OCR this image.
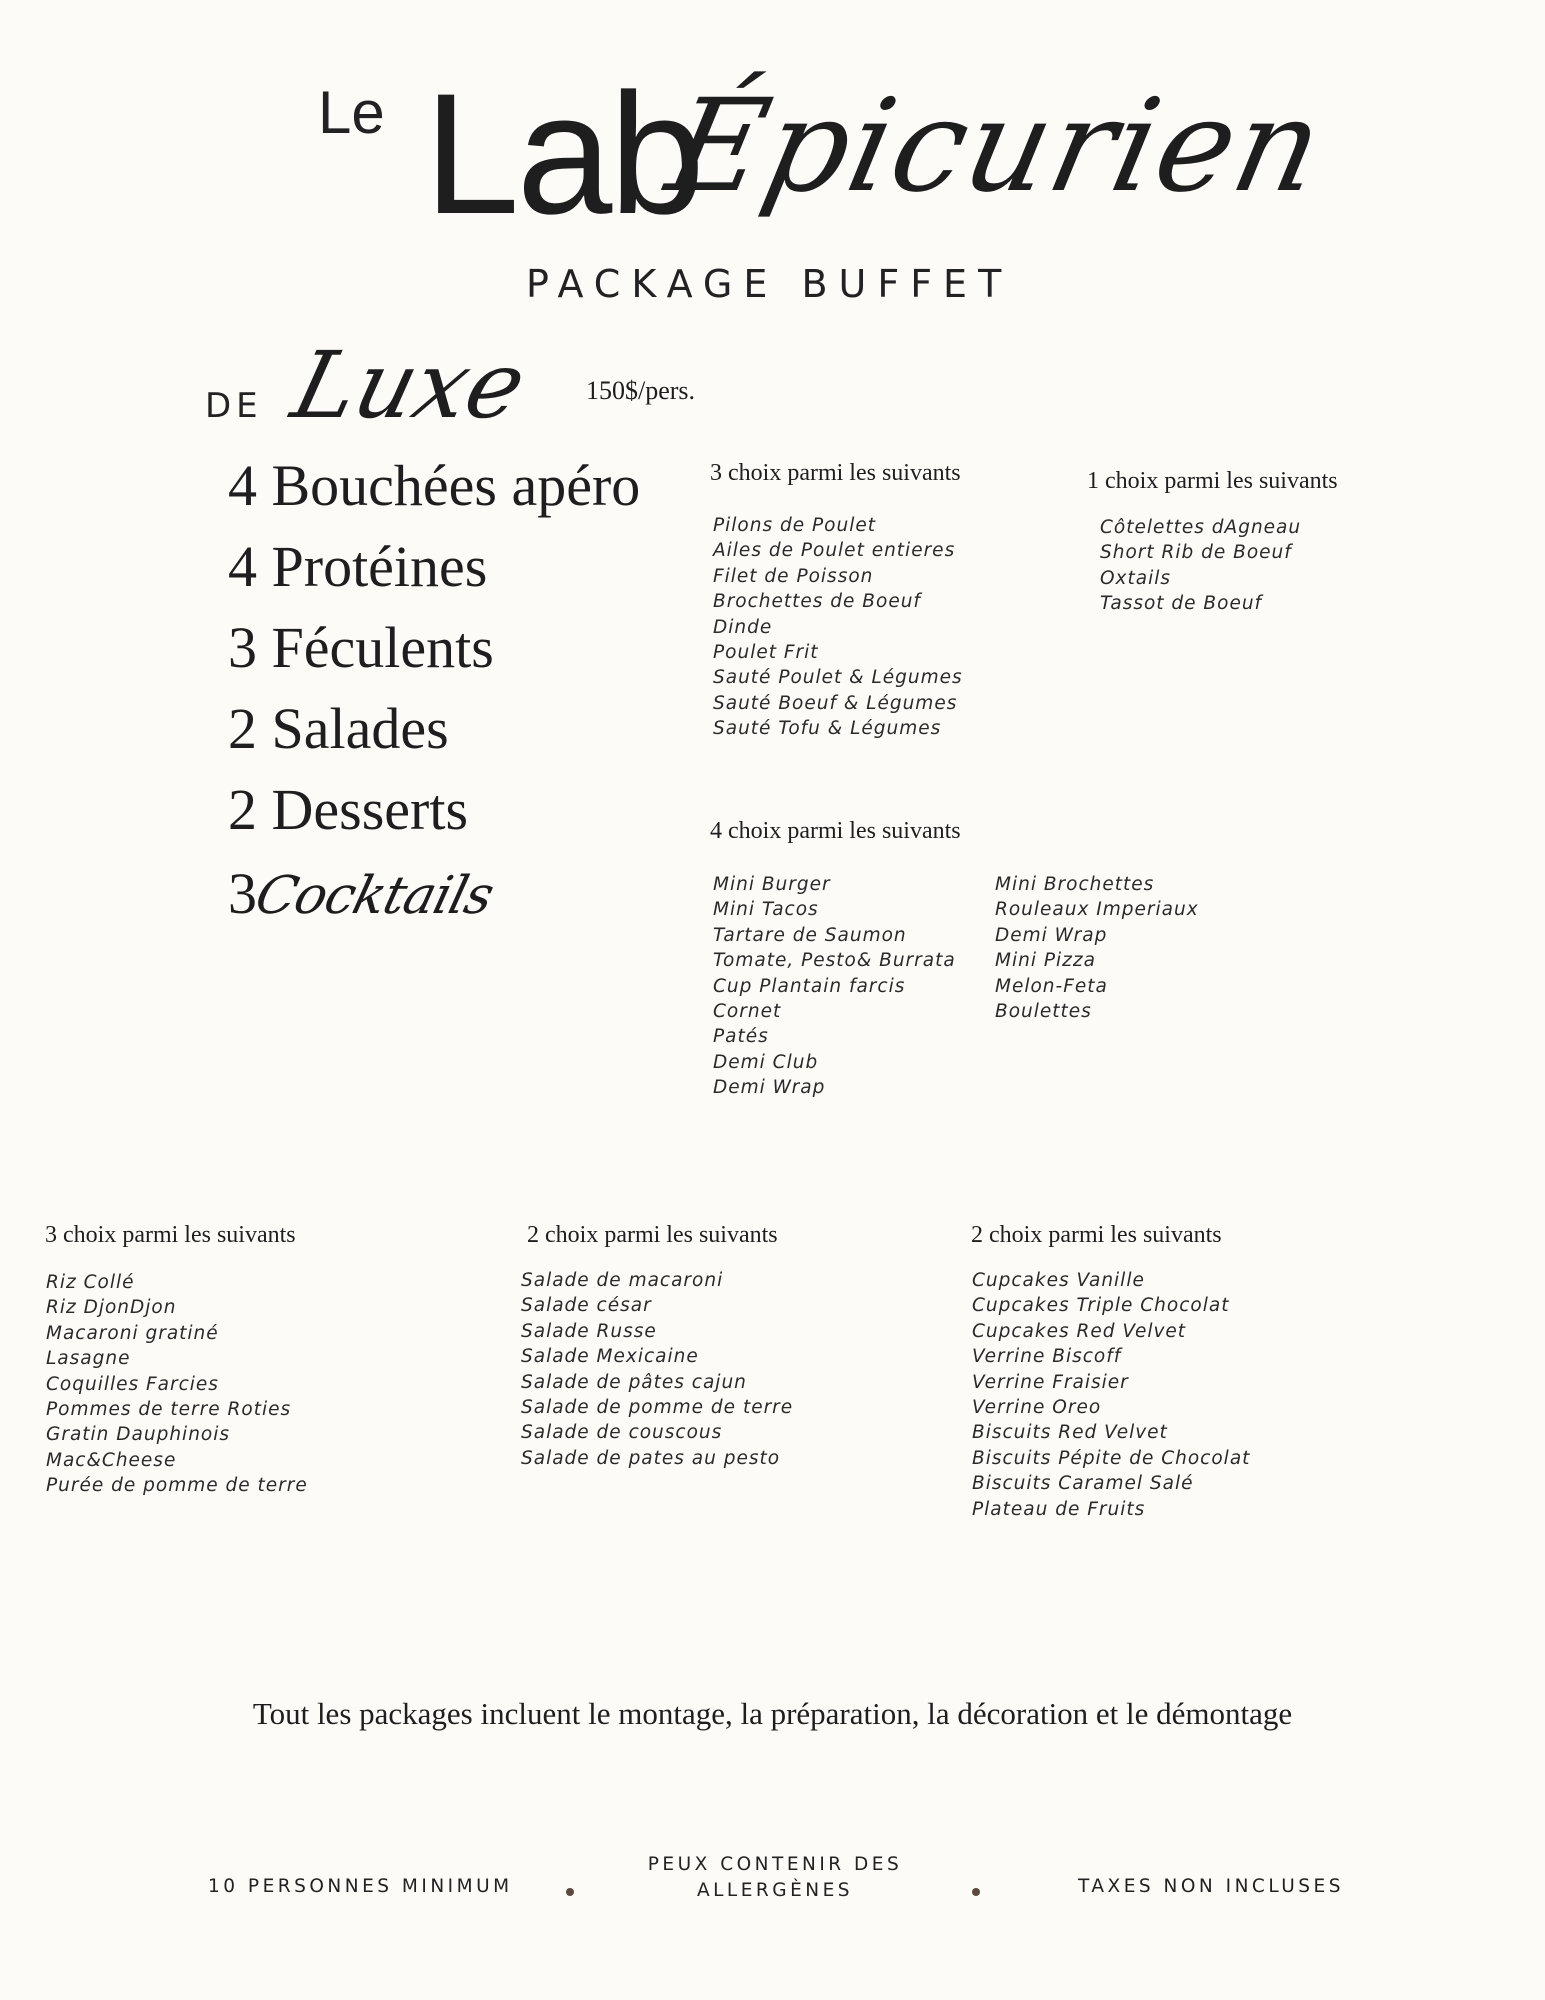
Le Lab
Épicurien
PACKAGE BUFFET
DE Luxe 150$/pers.
4 Bouchées apéro
4 Protéines
3 Féculents
2 Salades
2 Desserts
3Cocktails
3 choix parmi les suivants
Pilons de Poulet
Ailes de Poulet entieres
Filet de Poisson
Brochettes de Boeuf
Dinde
Poulet Frit
Sauté Poulet & Légumes
Sauté Boeuf & Légumes
Sauté Tofu & Légumes
1 choix parmi les suivants
Côtelettes dAgneau
Short Rib de Boeuf
Oxtails
Tassot de Boeuf
4 choix parmi les suivants
Mini Burger
Mini Tacos
Tartare de Saumon
Tomate, Pesto& Burrata
Cup Plantain farcis
Cornet
Patés
Demi Club
Demi Wrap
Mini Brochettes
Rouleaux Imperiaux
Demi Wrap
Mini Pizza
Melon-Feta
Boulettes
3 choix parmi les suivants
Riz Collé
Riz DjonDjon
Macaroni gratiné
Lasagne
Coquilles Farcies
Pommes de terre Roties
Gratin Dauphinois
Mac&Cheese
Purée de pomme de terre
2 choix parmi les suivants
Salade de macaroni
Salade césar
Salade Russe
Salade Mexicaine
Salade de pâtes cajun
Salade de pomme de terre
Salade de couscous
Salade de pates au pesto
2 choix parmi les suivants
Cupcakes Vanille
Cupcakes Triple Chocolat
Cupcakes Red Velvet
Verrine Biscoff
Verrine Fraisier
Verrine Oreo
Biscuits Red Velvet
Biscuits Pépite de Chocolat
Biscuits Caramel Salé
Plateau de Fruits
Tout les packages incluent le montage, la préparation, la décoration et le démontage
10 PERSONNES MINIMUM
PEUX CONTENIR DES ALLERGÈNES	TAXES NON INCLUSES
